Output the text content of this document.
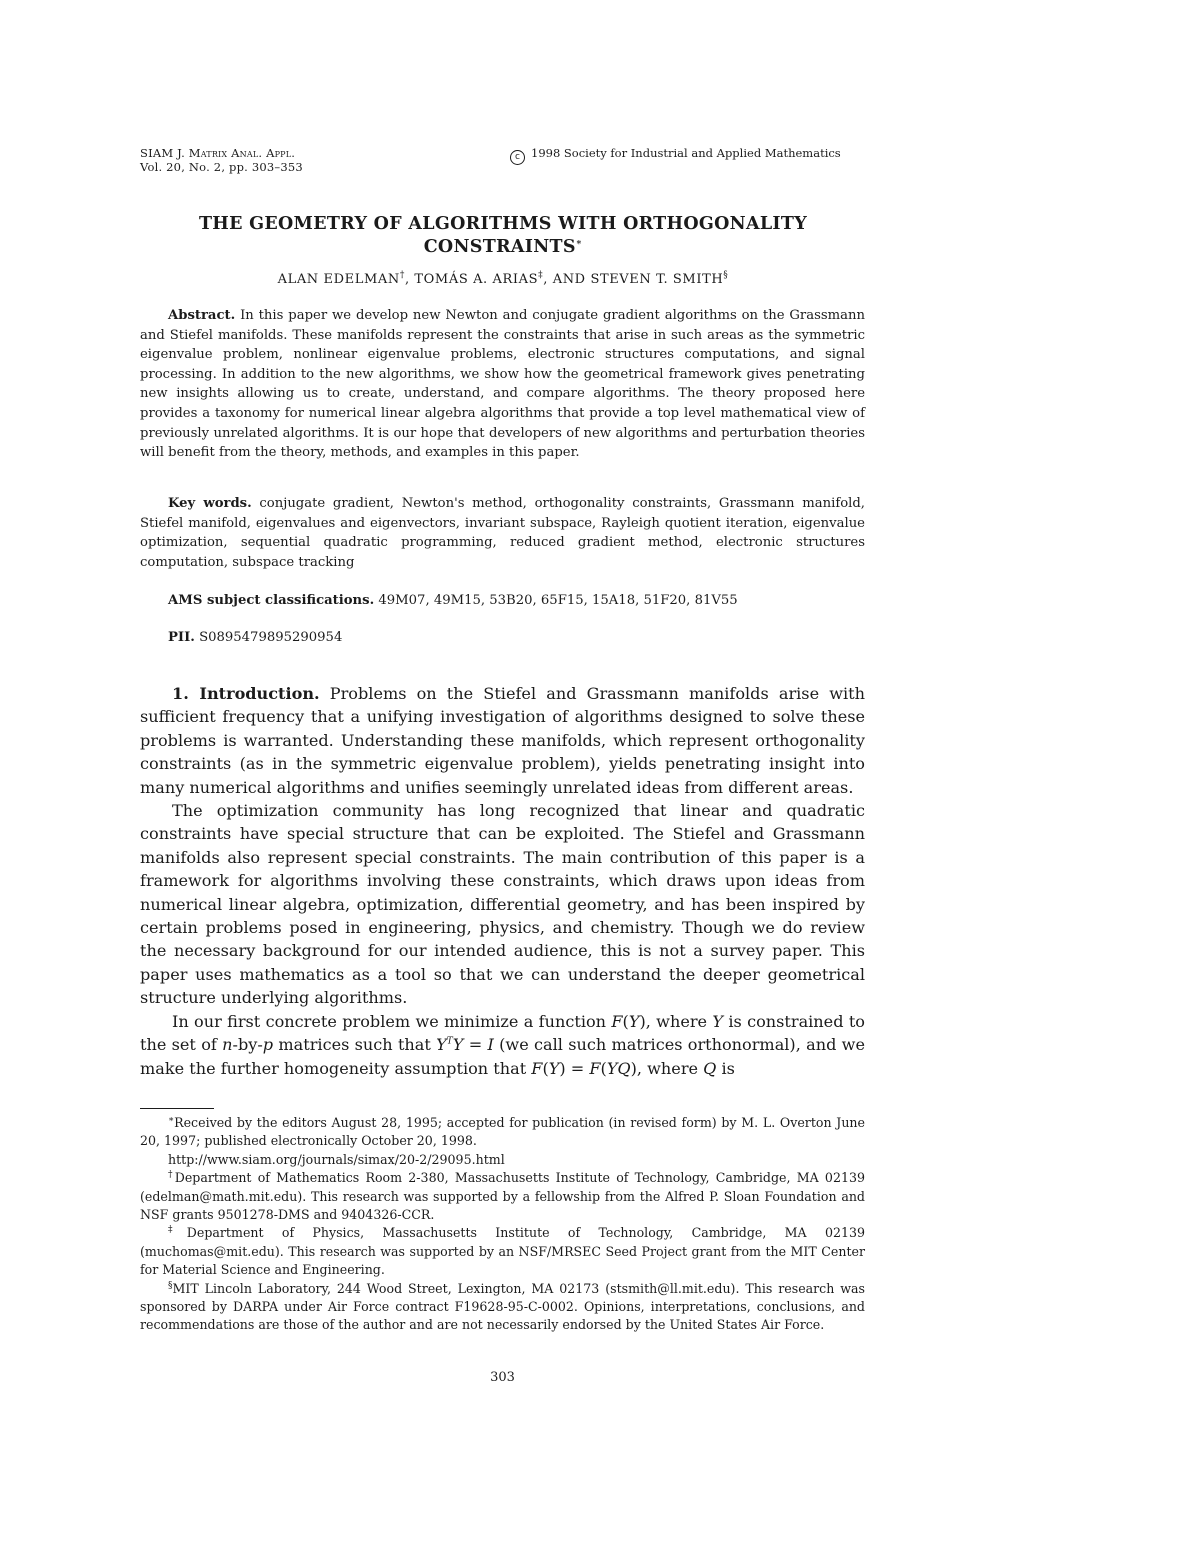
SIAM J. Matrix Anal. Appl.
Vol. 20, No. 2, pp. 303–353
c 1998 Society for Industrial and Applied Mathematics
THE GEOMETRY OF ALGORITHMS WITH ORTHOGONALITY
CONSTRAINTS∗
ALAN EDELMAN†, TOMÁS A. ARIAS‡, AND STEVEN T. SMITH§
Abstract. In this paper we develop new Newton and conjugate gradient algorithms on the Grassmann and Stiefel manifolds. These manifolds represent the constraints that arise in such areas as the symmetric eigenvalue problem, nonlinear eigenvalue problems, electronic structures computations, and signal processing. In addition to the new algorithms, we show how the geometrical framework gives penetrating new insights allowing us to create, understand, and compare algorithms. The theory proposed here provides a taxonomy for numerical linear algebra algorithms that provide a top level mathematical view of previously unrelated algorithms. It is our hope that developers of new algorithms and perturbation theories will benefit from the theory, methods, and examples in this paper.
Key words. conjugate gradient, Newton's method, orthogonality constraints, Grassmann manifold, Stiefel manifold, eigenvalues and eigenvectors, invariant subspace, Rayleigh quotient iteration, eigenvalue optimization, sequential quadratic programming, reduced gradient method, electronic structures computation, subspace tracking
AMS subject classifications. 49M07, 49M15, 53B20, 65F15, 15A18, 51F20, 81V55
PII. S0895479895290954

1. Introduction. Problems on the Stiefel and Grassmann manifolds arise with sufficient frequency that a unifying investigation of algorithms designed to solve these problems is warranted. Understanding these manifolds, which represent orthogonality constraints (as in the symmetric eigenvalue problem), yields penetrating insight into many numerical algorithms and unifies seemingly unrelated ideas from different areas.

The optimization community has long recognized that linear and quadratic constraints have special structure that can be exploited. The Stiefel and Grassmann manifolds also represent special constraints. The main contribution of this paper is a framework for algorithms involving these constraints, which draws upon ideas from numerical linear algebra, optimization, differential geometry, and has been inspired by certain problems posed in engineering, physics, and chemistry. Though we do review the necessary background for our intended audience, this is not a survey paper. This paper uses mathematics as a tool so that we can understand the deeper geometrical structure underlying algorithms.

In our first concrete problem we minimize a function F(Y), where Y is constrained to the set of n-by-p matrices such that $Y^TY = I$ (we call such matrices orthonormal), and we make the further homogeneity assumption that F(Y) = F(YQ), where Q is

∗Received by the editors August 28, 1995; accepted for publication (in revised form) by M. L. Overton June 20, 1997; published electronically October 20, 1998.

http://www.siam.org/journals/simax/20-2/29095.html

†Department of Mathematics Room 2-380, Massachusetts Institute of Technology, Cambridge, MA 02139 (edelman@math.mit.edu). This research was supported by a fellowship from the Alfred P. Sloan Foundation and NSF grants 9501278-DMS and 9404326-CCR.

‡Department of Physics, Massachusetts Institute of Technology, Cambridge, MA 02139 (muchomas@mit.edu). This research was supported by an NSF/MRSEC Seed Project grant from the MIT Center for Material Science and Engineering.

§MIT Lincoln Laboratory, 244 Wood Street, Lexington, MA 02173 (stsmith@ll.mit.edu). This research was sponsored by DARPA under Air Force contract F19628-95-C-0002. Opinions, interpretations, conclusions, and recommendations are those of the author and are not necessarily endorsed by the United States Air Force.

303
